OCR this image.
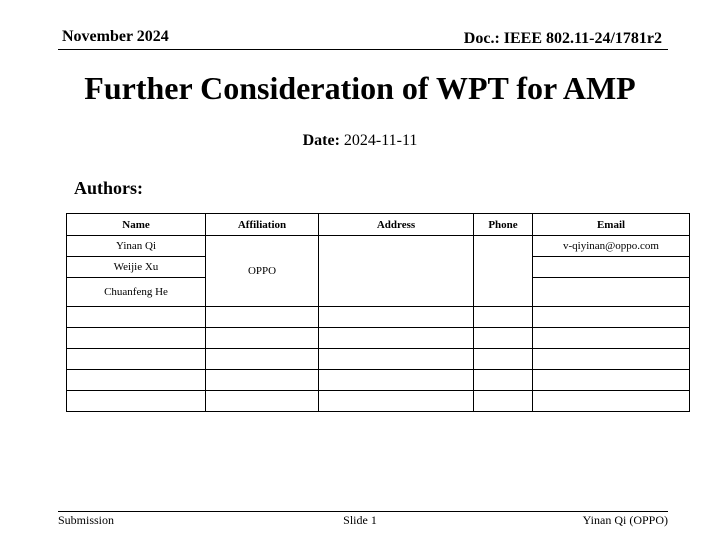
November 2024	Doc.: IEEE 802.11-24/1781r2
Further Consideration of WPT for AMP
Date: 2024-11-11
Authors:
Name	Affiliation	Address	Phone	Email
Yinan Qi	OPPO			v-qiyinan@oppo.com
Weijie Xu				
Chuanfeng He				

Submission	Slide 1	Yinan Qi (OPPO)
